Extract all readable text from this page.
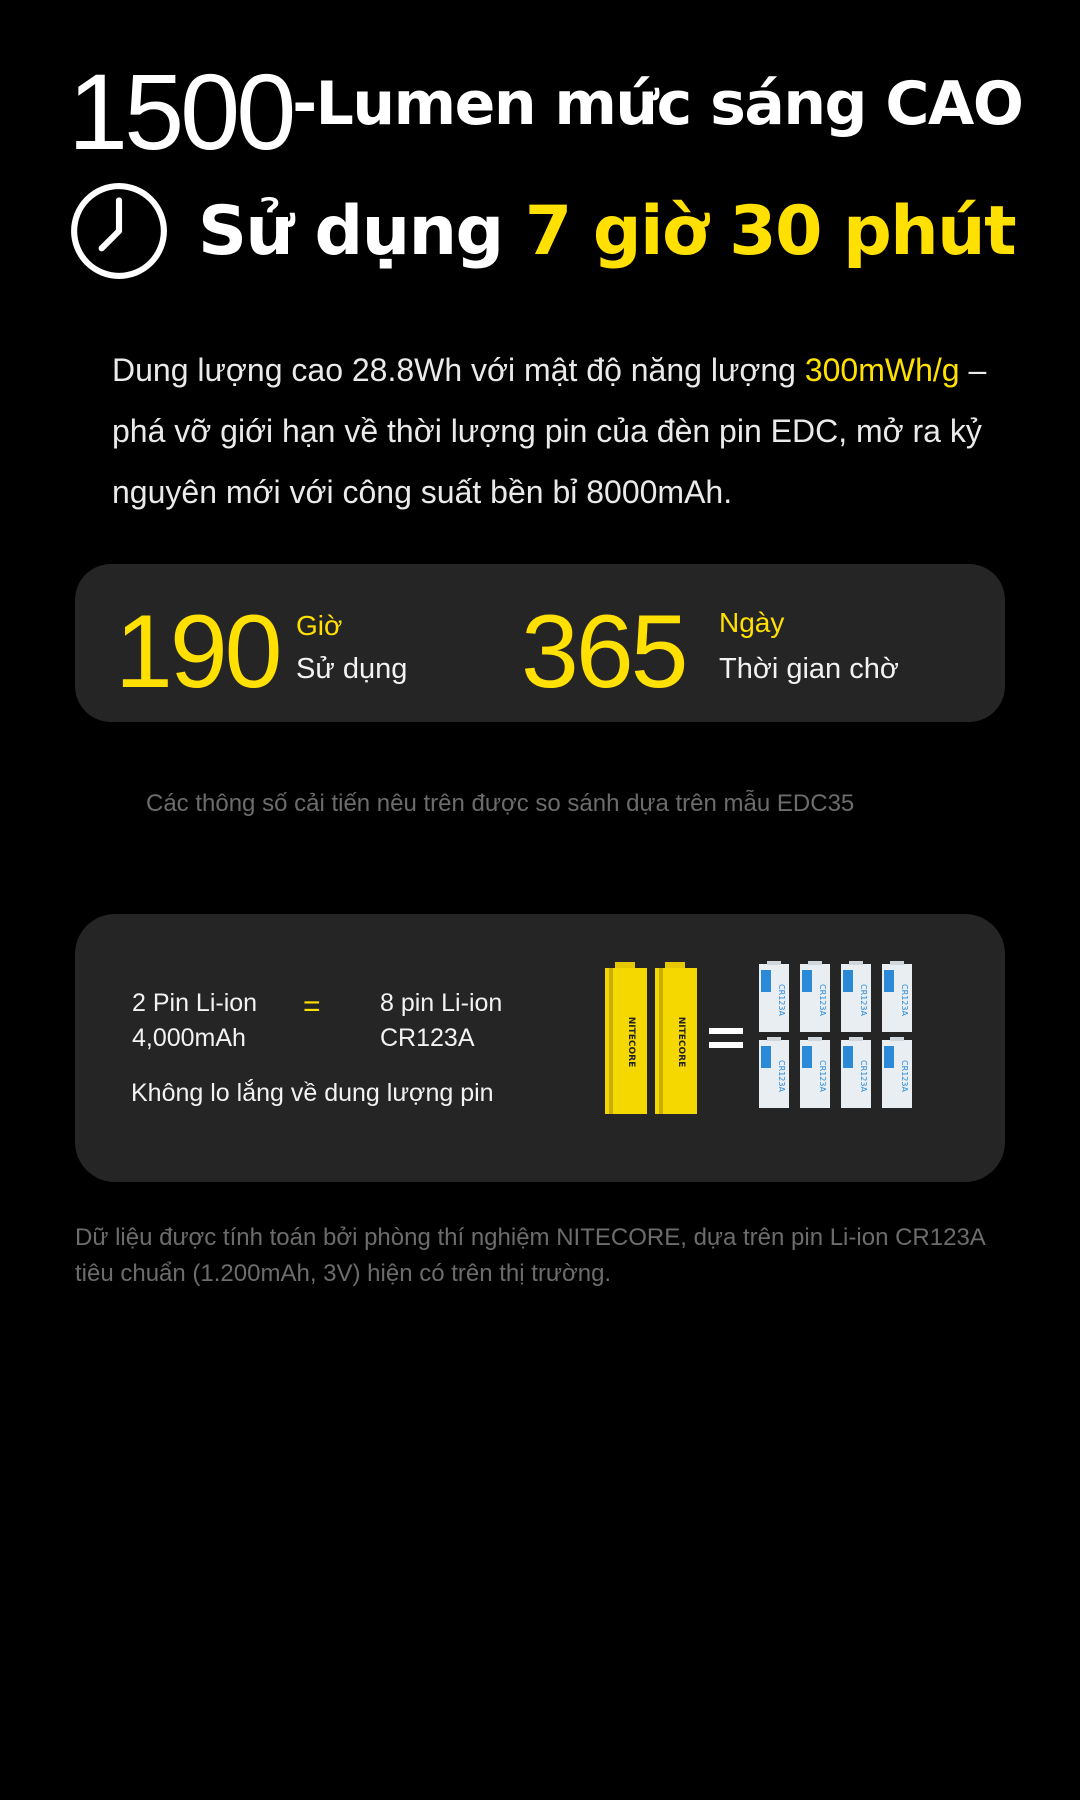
1500-Lumen mức sáng CAO
Sử dụng 7 giờ 30 phút

Dung lượng cao 28.8Wh với mật độ năng lượng 300mWh/g – phá vỡ giới hạn về thời lượng pin của đèn pin EDC, mở ra kỷ nguyên mới với công suất bền bỉ 8000mAh.

190 Giờ
Sử dụng 365 Ngày
Thời gian chờ
Các thông số cải tiến nêu trên được so sánh dựa trên mẫu EDC35
2 Pin Li-ion
4,000mAh
= 8 pin Li-ion
CR123A
Không lo lắng về dung lượng pin
NITECORE	NITECORE
CR123A	CR123A	CR123A	CR123A
CR123A	CR123A	CR123A	CR123A
Dữ liệu được tính toán bởi phòng thí nghiệm NITECORE, dựa trên pin Li-ion CR123A tiêu chuẩn (1.200mAh, 3V) hiện có trên thị trường.
